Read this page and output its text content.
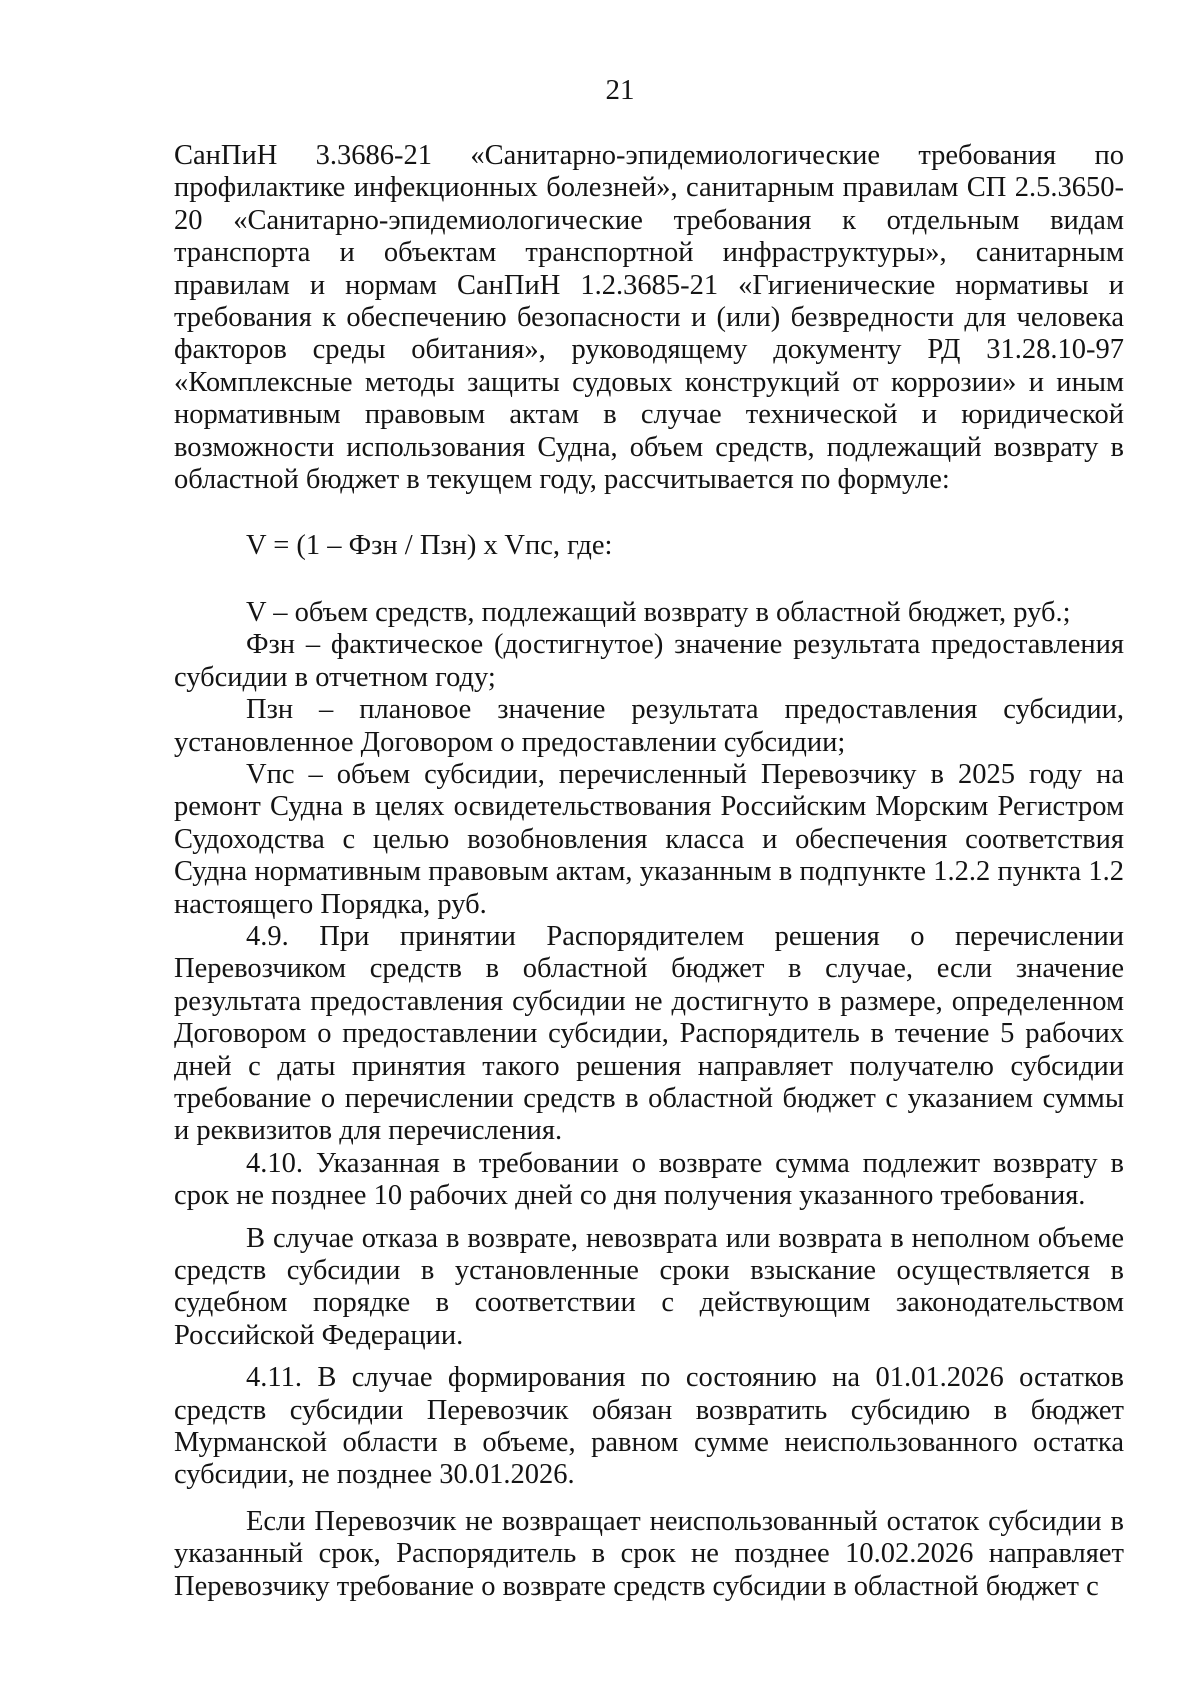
21

СанПиН 3.3686-21 «Санитарно-эпидемиологические требования по профилактике инфекционных болезней», санитарным правилам СП 2.5.3650-20 «Санитарно-эпидемиологические требования к отдельным видам транспорта и объектам транспортной инфраструктуры», санитарным правилам и нормам СанПиН 1.2.3685-21 «Гигиенические нормативы и требования к обеспечению безопасности и (или) безвредности для человека факторов среды обитания», руководящему документу РД 31.28.10-97 «Комплексные методы защиты судовых конструкций от коррозии» и иным нормативным правовым актам в случае технической и юридической возможности использования Судна, объем средств, подлежащий возврату в областной бюджет в текущем году, рассчитывается по формуле:

V = (1 – Фзн / Пзн) x Vпс, где:

V – объем средств, подлежащий возврату в областной бюджет, руб.;

Фзн – фактическое (достигнутое) значение результата предоставления субсидии в отчетном году;

Пзн – плановое значение результата предоставления субсидии, установленное Договором о предоставлении субсидии;

Vпс – объем субсидии, перечисленный Перевозчику в 2025 году на ремонт Судна в целях освидетельствования Российским Морским Регистром Судоходства с целью возобновления класса и обеспечения соответствия Судна нормативным правовым актам, указанным в подпункте 1.2.2 пункта 1.2 настоящего Порядка, руб.

4.9. При принятии Распорядителем решения о перечислении Перевозчиком средств в областной бюджет в случае, если значение результата предоставления субсидии не достигнуто в размере, определенном Договором о предоставлении субсидии, Распорядитель в течение 5 рабочих дней с даты принятия такого решения направляет получателю субсидии требование о перечислении средств в областной бюджет с указанием суммы и реквизитов для перечисления.

4.10. Указанная в требовании о возврате сумма подлежит возврату в срок не позднее 10 рабочих дней со дня получения указанного требования.

В случае отказа в возврате, невозврата или возврата в неполном объеме средств субсидии в установленные сроки взыскание осуществляется в судебном порядке в соответствии с действующим законодательством Российской Федерации.

4.11. В случае формирования по состоянию на 01.01.2026 остатков средств субсидии Перевозчик обязан возвратить субсидию в бюджет Мурманской области в объеме, равном сумме неиспользованного остатка субсидии, не позднее 30.01.2026.

Если Перевозчик не возвращает неиспользованный остаток субсидии в указанный срок, Распорядитель в срок не позднее 10.02.2026 направляет Перевозчику требование о возврате средств субсидии в областной бюджет с
